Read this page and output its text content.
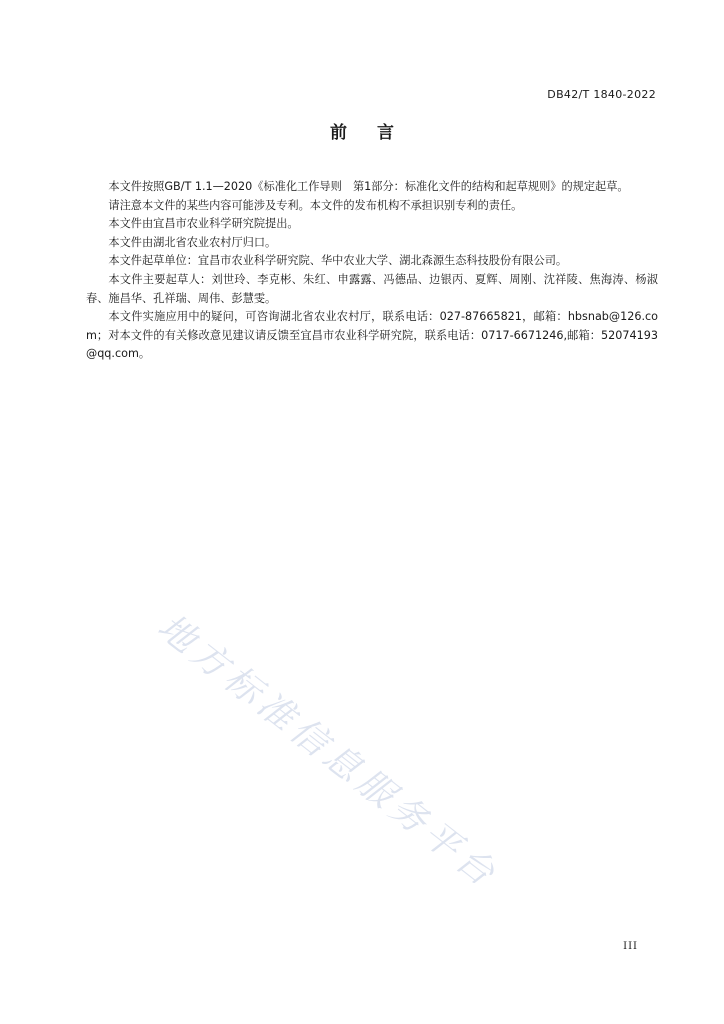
DB42/T 1840-2022
前言

本文件按照GB/T 1.1—2020《标准化工作导则　第1部分：标准化文件的结构和起草规则》的规定起草。

请注意本文件的某些内容可能涉及专利。本文件的发布机构不承担识别专利的责任。

本文件由宜昌市农业科学研究院提出。

本文件由湖北省农业农村厅归口。

本文件起草单位：宜昌市农业科学研究院、华中农业大学、湖北森源生态科技股份有限公司。

本文件主要起草人：刘世玲、李克彬、朱红、申露露、冯德品、边银丙、夏辉、周刚、沈祥陵、焦海涛、杨淑春、施昌华、孔祥瑞、周伟、彭慧雯。

本文件实施应用中的疑问，可咨询湖北省农业农村厅，联系电话：027-87665821，邮箱：hbsnab@126.com；对本文件的有关修改意见建议请反馈至宜昌市农业科学研究院，联系电话：0717-6671246,邮箱：52074193@qq.com。

地方标准信息服务平台
III
